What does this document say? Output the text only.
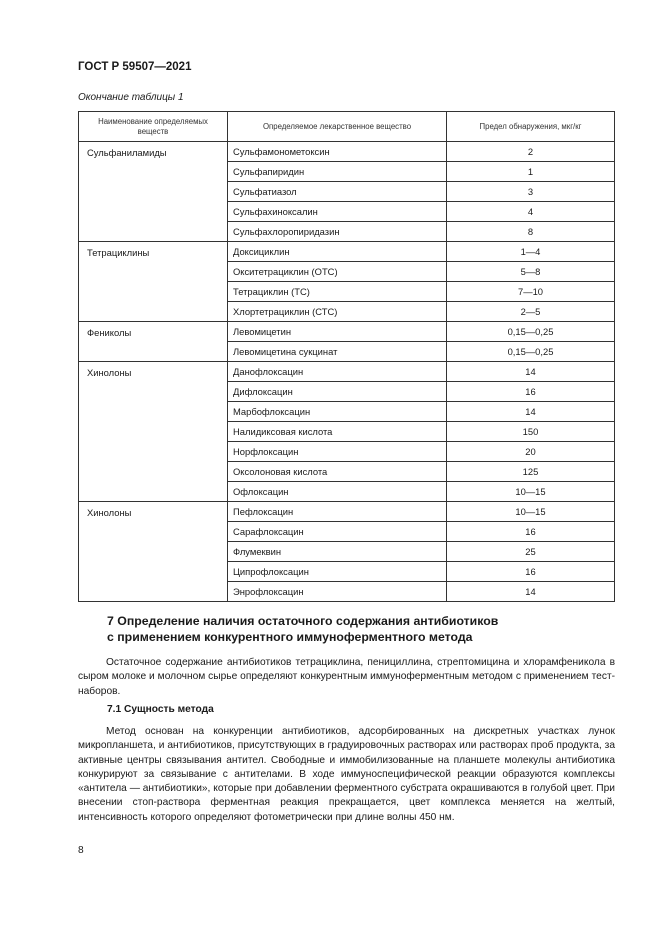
ГОСТ Р 59507—2021
Окончание таблицы 1
Наименование определяемых веществ	Определяемое лекарственное вещество	Предел обнаружения, мкг/кг
Сульфаниламиды	Сульфамонометоксин	2
	Сульфапиридин	1
	Сульфатиазол	3
	Сульфахиноксалин	4
	Сульфахлоропиридазин	8
Тетрациклины	Доксициклин	1—4
	Окситетрациклин (ОТС)	5—8
	Тетрациклин (ТС)	7—10
	Хлортетрациклин (СТС)	2—5
Фениколы	Левомицетин	0,15—0,25
	Левомицетина сукцинат	0,15—0,25
Хинолоны	Данофлоксацин	14
	Дифлоксацин	16
	Марбофлоксацин	14
	Налидиксовая кислота	150
	Норфлоксацин	20
	Оксолоновая кислота	125
	Офлоксацин	10—15
Хинолоны	Пефлоксацин	10—15
	Сарафлоксацин	16
	Флумеквин	25
	Ципрофлоксацин	16
	Энрофлоксацин	14
7 Определение наличия остаточного содержания антибиотиков
с применением конкурентного иммуноферментного метода

Остаточное содержание антибиотиков тетрациклина, пенициллина, стрептомицина и хлорамфеникола в сыром молоке и молочном сырье определяют конкурентным иммуноферментным методом с применением тест-наборов.

7.1 Сущность метода

Метод основан на конкуренции антибиотиков, адсорбированных на дискретных участках лунок микропланшета, и антибиотиков, присутствующих в градуировочных растворах или растворах проб продукта, за активные центры связывания антител. Свободные и иммобилизованные на планшете молекулы антибиотика конкурируют за связывание с антителами. В ходе иммуноспецифической реакции образуются комплексы «антитела — антибиотики», которые при добавлении ферментного субстрата окрашиваются в голубой цвет. При внесении стоп-раствора ферментная реакция прекращается, цвет комплекса меняется на желтый, интенсивность которого определяют фотометрически при длине волны 450 нм.

8
